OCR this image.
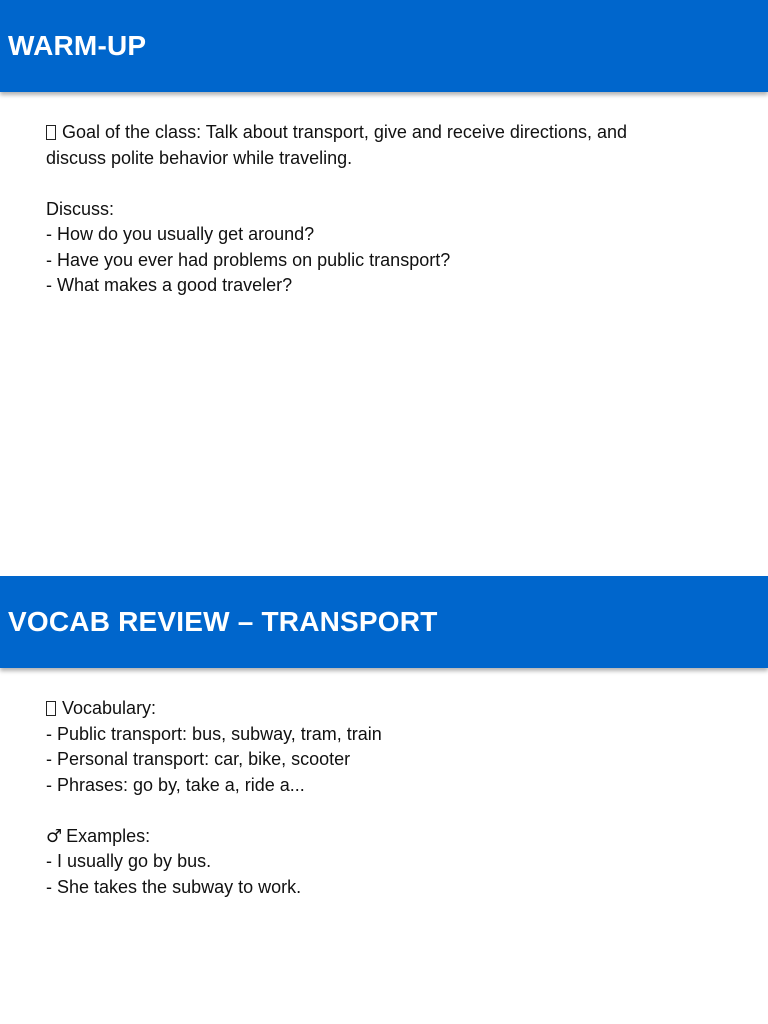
WARM-UP
Goal of the class: Talk about transport, give and receive directions, and
discuss polite behavior while traveling.
Discuss:
- How do you usually get around?
- Have you ever had problems on public transport?
- What makes a good traveler?
VOCAB REVIEW – TRANSPORT
Vocabulary:
- Public transport: bus, subway, tram, train
- Personal transport: car, bike, scooter
- Phrases: go by, take a, ride a...
♂ Examples:
- I usually go by bus.
- She takes the subway to work.
